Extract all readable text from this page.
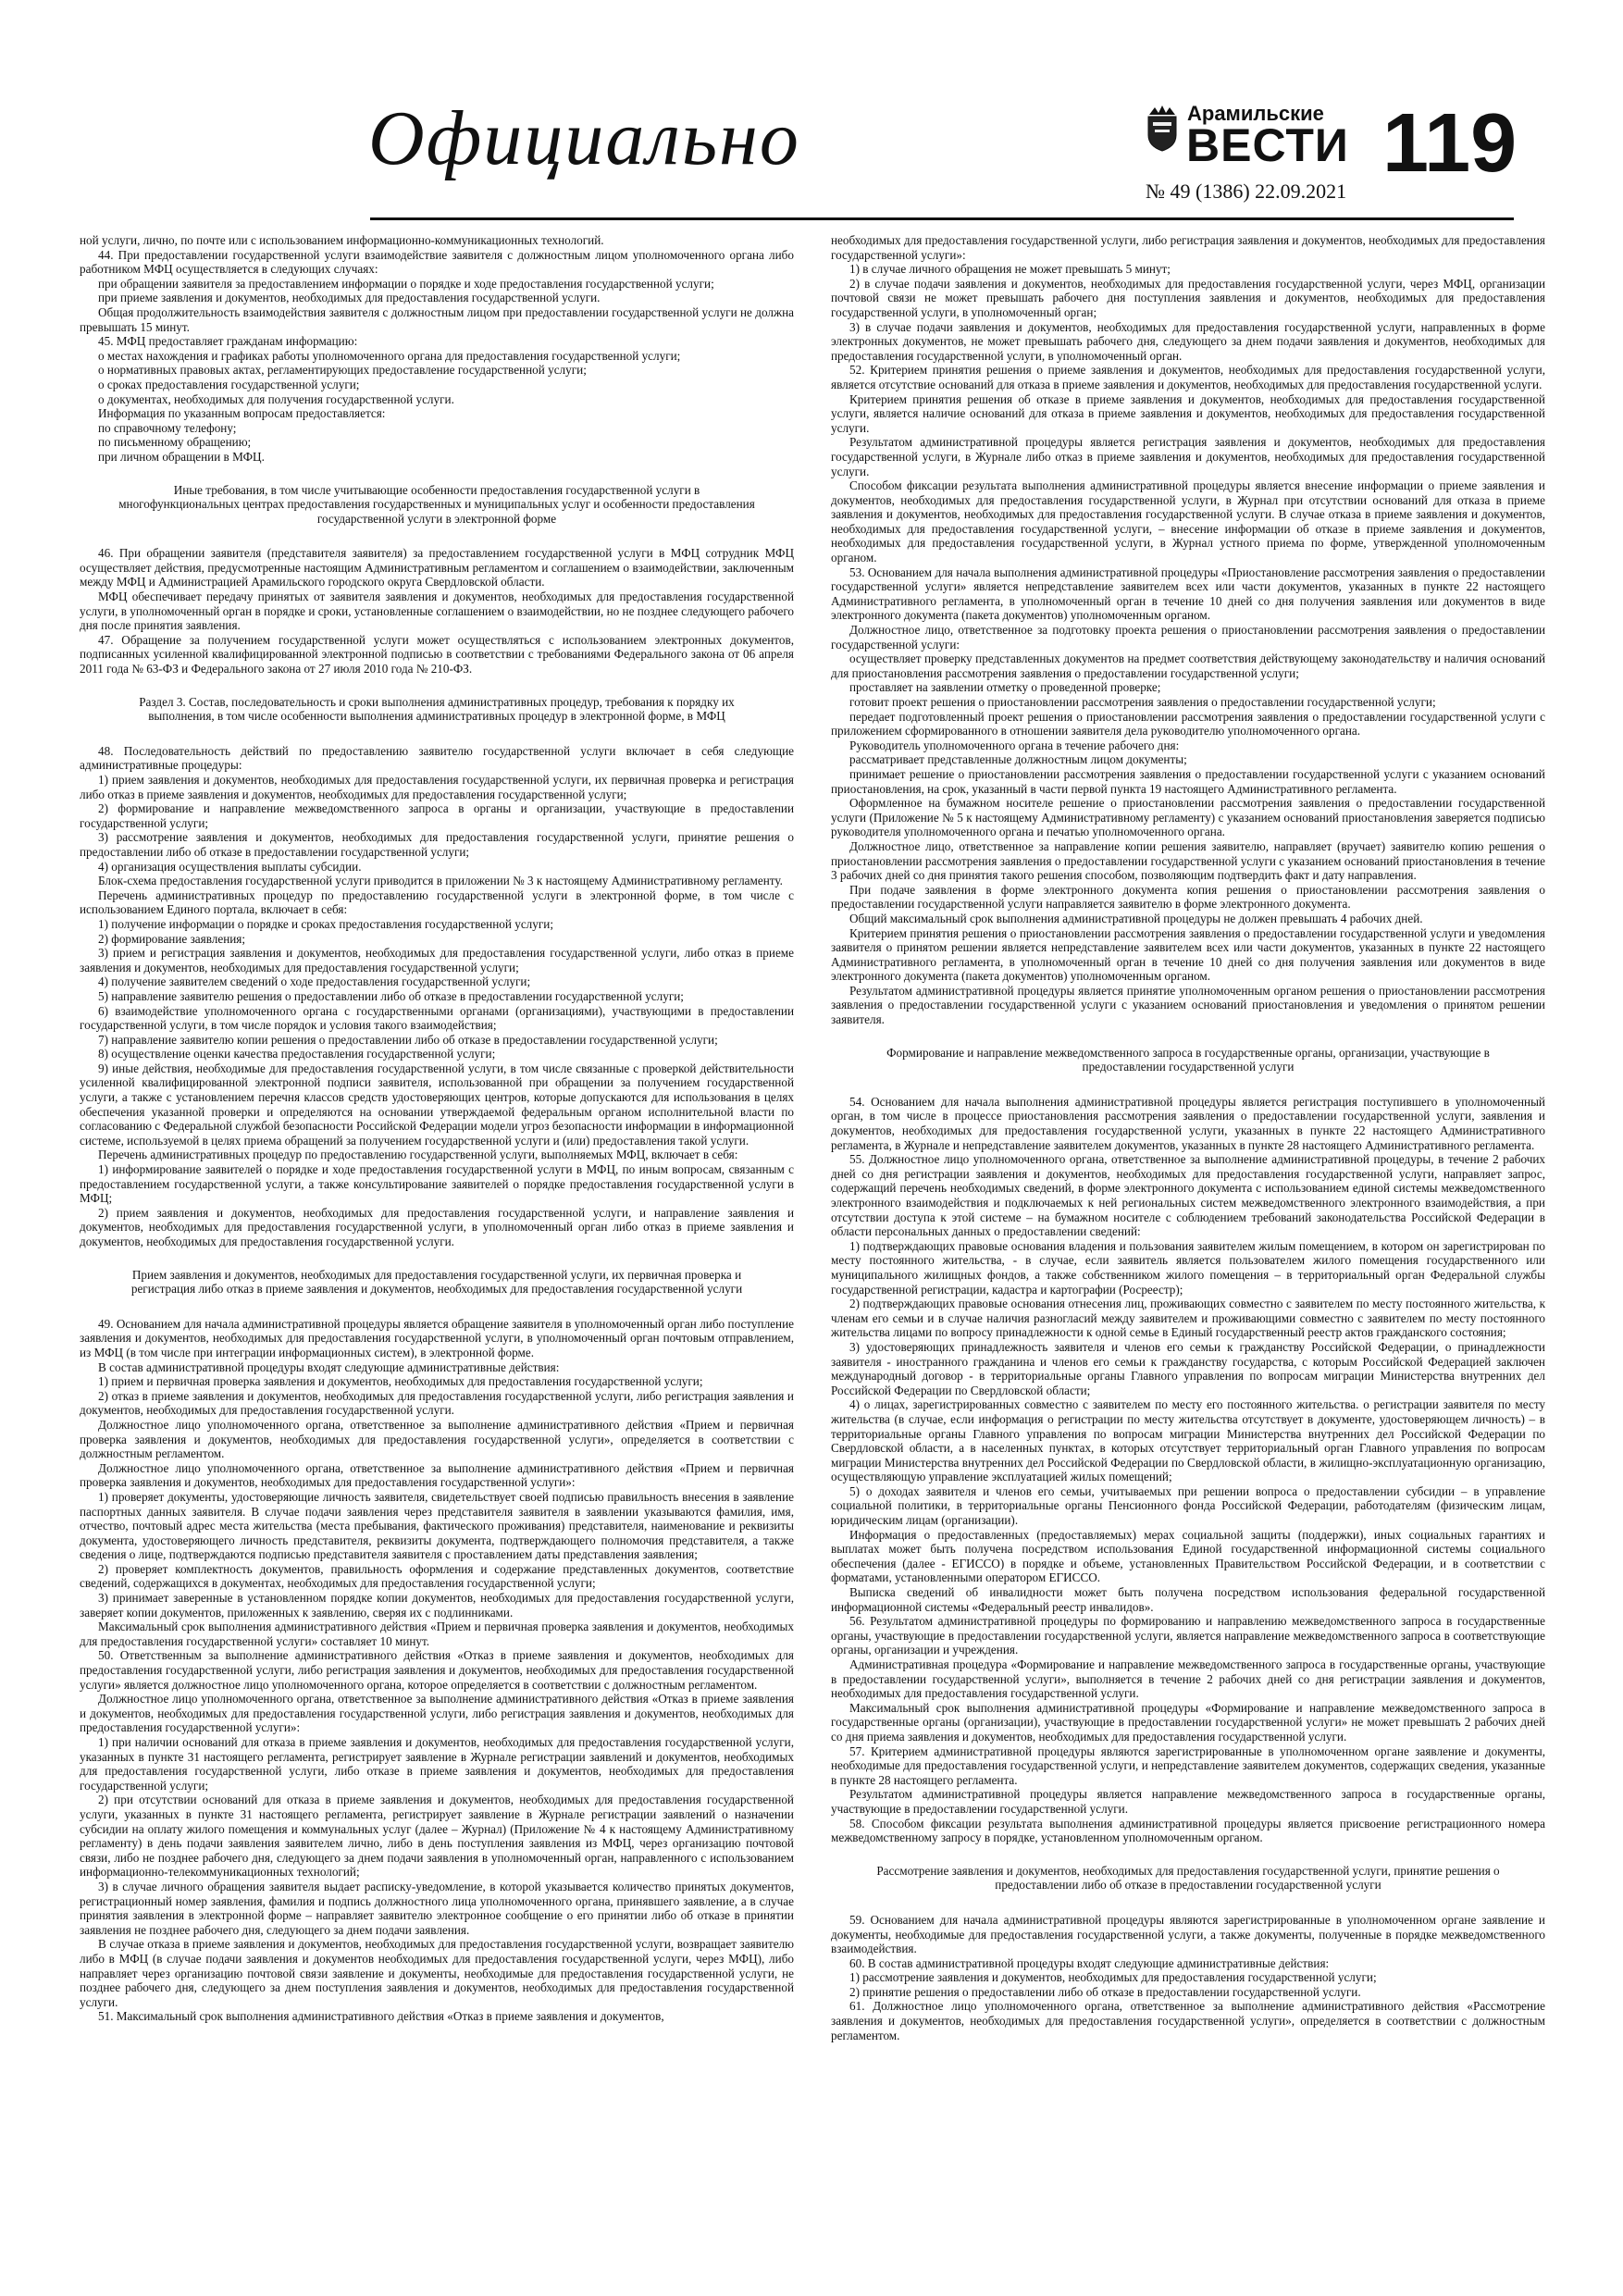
Официально	Арамильские
ВЕСТИ 119
№ 49 (1386) 22.09.2021

ной услуги, лично, по почте или с использованием информационно-коммуникационных технологий.

44. При предоставлении государственной услуги взаимодействие заявителя с должностным лицом уполномоченного органа либо работником МФЦ осуществляется в следующих случаях:

при обращении заявителя за предоставлением информации о порядке и ходе предоставления государственной услуги;

при приеме заявления и документов, необходимых для предоставления государственной услуги.

Общая продолжительность взаимодействия заявителя с должностным лицом при предоставлении государственной услуги не должна превышать 15 минут.

45. МФЦ предоставляет гражданам информацию:

о местах нахождения и графиках работы уполномоченного органа для предоставления государственной услуги;

о нормативных правовых актах, регламентирующих предоставление государственной услуги;

о сроках предоставления государственной услуги;

о документах, необходимых для получения государственной услуги.

Информация по указанным вопросам предоставляется:

по справочному телефону;

по письменному обращению;

при личном обращении в МФЦ.

Иные требования, в том числе учитывающие особенности предоставления государственной услуги в многофункциональных центрах предоставления государственных и муниципальных услуг и особенности предоставления государственной услуги в электронной форме

46. При обращении заявителя (представителя заявителя) за предоставлением государственной услуги в МФЦ сотрудник МФЦ осуществляет действия, предусмотренные настоящим Административным регламентом и соглашением о взаимодействии, заключенным между МФЦ и Администрацией Арамильского городского округа Свердловской области.

МФЦ обеспечивает передачу принятых от заявителя заявления и документов, необходимых для предоставления государственной услуги, в уполномоченный орган в порядке и сроки, установленные соглашением о взаимодействии, но не позднее следующего рабочего дня после принятия заявления.

47. Обращение за получением государственной услуги может осуществляться с использованием электронных документов, подписанных усиленной квалифицированной электронной подписью в соответствии с требованиями Федерального закона от 06 апреля 2011 года № 63-ФЗ и Федерального закона от 27 июля 2010 года № 210-ФЗ.

Раздел 3. Состав, последовательность и сроки выполнения административных процедур, требования к порядку их выполнения, в том числе особенности выполнения административных процедур в электронной форме, в МФЦ

48. Последовательность действий по предоставлению заявителю государственной услуги включает в себя следующие административные процедуры:

1) прием заявления и документов, необходимых для предоставления государственной услуги, их первичная проверка и регистрация либо отказ в приеме заявления и документов, необходимых для предоставления государственной услуги;

2) формирование и направление межведомственного запроса в органы и организации, участвующие в предоставлении государственной услуги;

3) рассмотрение заявления и документов, необходимых для предоставления государственной услуги, принятие решения о предоставлении либо об отказе в предоставлении государственной услуги;

4) организация осуществления выплаты субсидии.

Блок-схема предоставления государственной услуги приводится в приложении № 3 к настоящему Административному регламенту.

Перечень административных процедур по предоставлению государственной услуги в электронной форме, в том числе с использованием Единого портала, включает в себя:

1) получение информации о порядке и сроках предоставления государственной услуги;

2) формирование заявления;

3) прием и регистрация заявления и документов, необходимых для предоставления государственной услуги, либо отказ в приеме заявления и документов, необходимых для предоставления государственной услуги;

4) получение заявителем сведений о ходе предоставления государственной услуги;

5) направление заявителю решения о предоставлении либо об отказе в предоставлении государственной услуги;

6) взаимодействие уполномоченного органа с государственными органами (организациями), участвующими в предоставлении государственной услуги, в том числе порядок и условия такого взаимодействия;

7) направление заявителю копии решения о предоставлении либо об отказе в предоставлении государственной услуги;

8) осуществление оценки качества предоставления государственной услуги;

9) иные действия, необходимые для предоставления государственной услуги, в том числе связанные с проверкой действительности усиленной квалифицированной электронной подписи заявителя, использованной при обращении за получением государственной услуги, а также с установлением перечня классов средств удостоверяющих центров, которые допускаются для использования в целях обеспечения указанной проверки и определяются на основании утверждаемой федеральным органом исполнительной власти по согласованию с Федеральной службой безопасности Российской Федерации модели угроз безопасности информации в информационной системе, используемой в целях приема обращений за получением государственной услуги и (или) предоставления такой услуги.

Перечень административных процедур по предоставлению государственной услуги, выполняемых МФЦ, включает в себя:

1) информирование заявителей о порядке и ходе предоставления государственной услуги в МФЦ, по иным вопросам, связанным с предоставлением государственной услуги, а также консультирование заявителей о порядке предоставления государственной услуги в МФЦ;

2) прием заявления и документов, необходимых для предоставления государственной услуги, и направление заявления и документов, необходимых для предоставления государственной услуги, в уполномоченный орган либо отказ в приеме заявления и документов, необходимых для предоставления государственной услуги.

Прием заявления и документов, необходимых для предоставления государственной услуги, их первичная проверка и регистрация либо отказ в приеме заявления и документов, необходимых для предоставления государственной услуги

49. Основанием для начала административной процедуры является обращение заявителя в уполномоченный орган либо поступление заявления и документов, необходимых для предоставления государственной услуги, в уполномоченный орган почтовым отправлением, из МФЦ (в том числе при интеграции информационных систем), в электронной форме.

В состав административной процедуры входят следующие административные действия:

1) прием и первичная проверка заявления и документов, необходимых для предоставления государственной услуги;

2) отказ в приеме заявления и документов, необходимых для предоставления государственной услуги, либо регистрация заявления и документов, необходимых для предоставления государственной услуги.

Должностное лицо уполномоченного органа, ответственное за выполнение административного действия «Прием и первичная проверка заявления и документов, необходимых для предоставления государственной услуги», определяется в соответствии с должностным регламентом.

Должностное лицо уполномоченного органа, ответственное за выполнение административного действия «Прием и первичная проверка заявления и документов, необходимых для предоставления государственной услуги»:

1) проверяет документы, удостоверяющие личность заявителя, свидетельствует своей подписью правильность внесения в заявление паспортных данных заявителя. В случае подачи заявления через представителя заявителя в заявлении указываются фамилия, имя, отчество, почтовый адрес места жительства (места пребывания, фактического проживания) представителя, наименование и реквизиты документа, удостоверяющего личность представителя, реквизиты документа, подтверждающего полномочия представителя, а также сведения о лице, подтверждаются подписью представителя заявителя с проставлением даты представления заявления;

2) проверяет комплектность документов, правильность оформления и содержание представленных документов, соответствие сведений, содержащихся в документах, необходимых для предоставления государственной услуги;

3) принимает заверенные в установленном порядке копии документов, необходимых для предоставления государственной услуги, заверяет копии документов, приложенных к заявлению, сверяя их с подлинниками.

Максимальный срок выполнения административного действия «Прием и первичная проверка заявления и документов, необходимых для предоставления государственной услуги» составляет 10 минут.

50. Ответственным за выполнение административного действия «Отказ в приеме заявления и документов, необходимых для предоставления государственной услуги, либо регистрация заявления и документов, необходимых для предоставления государственной услуги» является должностное лицо уполномоченного органа, которое определяется в соответствии с должностным регламентом.

Должностное лицо уполномоченного органа, ответственное за выполнение административного действия «Отказ в приеме заявления и документов, необходимых для предоставления государственной услуги, либо регистрация заявления и документов, необходимых для предоставления государственной услуги»:

1) при наличии оснований для отказа в приеме заявления и документов, необходимых для предоставления государственной услуги, указанных в пункте 31 настоящего регламента, регистрирует заявление в Журнале регистрации заявлений и документов, необходимых для предоставления государственной услуги, либо отказе в приеме заявления и документов, необходимых для предоставления государственной услуги;

2) при отсутствии оснований для отказа в приеме заявления и документов, необходимых для предоставления государственной услуги, указанных в пункте 31 настоящего регламента, регистрирует заявление в Журнале регистрации заявлений о назначении субсидии на оплату жилого помещения и коммунальных услуг (далее – Журнал) (Приложение № 4 к настоящему Административному регламенту) в день подачи заявления заявителем лично, либо в день поступления заявления из МФЦ, через организацию почтовой связи, либо не позднее рабочего дня, следующего за днем подачи заявления в уполномоченный орган, направленного с использованием информационно-телекоммуникационных технологий;

3) в случае личного обращения заявителя выдает расписку-уведомление, в которой указывается количество принятых документов, регистрационный номер заявления, фамилия и подпись должностного лица уполномоченного органа, принявшего заявление, а в случае принятия заявления в электронной форме – направляет заявителю электронное сообщение о его принятии либо об отказе в принятии заявления не позднее рабочего дня, следующего за днем подачи заявления.

В случае отказа в приеме заявления и документов, необходимых для предоставления государственной услуги, возвращает заявителю либо в МФЦ (в случае подачи заявления и документов необходимых для предоставления государственной услуги, через МФЦ), либо направляет через организацию почтовой связи заявление и документы, необходимые для предоставления государственной услуги, не позднее рабочего дня, следующего за днем поступления заявления и документов, необходимых для предоставления государственной услуги.

51. Максимальный срок выполнения административного действия «Отказ в приеме заявления и документов,

необходимых для предоставления государственной услуги, либо регистрация заявления и документов, необходимых для предоставления государственной услуги»:

1) в случае личного обращения не может превышать 5 минут;

2) в случае подачи заявления и документов, необходимых для предоставления государственной услуги, через МФЦ, организации почтовой связи не может превышать рабочего дня поступления заявления и документов, необходимых для предоставления государственной услуги, в уполномоченный орган;

3) в случае подачи заявления и документов, необходимых для предоставления государственной услуги, направленных в форме электронных документов, не может превышать рабочего дня, следующего за днем подачи заявления и документов, необходимых для предоставления государственной услуги, в уполномоченный орган.

52. Критерием принятия решения о приеме заявления и документов, необходимых для предоставления государственной услуги, является отсутствие оснований для отказа в приеме заявления и документов, необходимых для предоставления государственной услуги.

Критерием принятия решения об отказе в приеме заявления и документов, необходимых для предоставления государственной услуги, является наличие оснований для отказа в приеме заявления и документов, необходимых для предоставления государственной услуги.

Результатом административной процедуры является регистрация заявления и документов, необходимых для предоставления государственной услуги, в Журнале либо отказ в приеме заявления и документов, необходимых для предоставления государственной услуги.

Способом фиксации результата выполнения административной процедуры является внесение информации о приеме заявления и документов, необходимых для предоставления государственной услуги, в Журнал при отсутствии оснований для отказа в приеме заявления и документов, необходимых для предоставления государственной услуги. В случае отказа в приеме заявления и документов, необходимых для предоставления государственной услуги, – внесение информации об отказе в приеме заявления и документов, необходимых для предоставления государственной услуги, в Журнал устного приема по форме, утвержденной уполномоченным органом.

53. Основанием для начала выполнения административной процедуры «Приостановление рассмотрения заявления о предоставлении государственной услуги» является непредставление заявителем всех или части документов, указанных в пункте 22 настоящего Административного регламента, в уполномоченный орган в течение 10 дней со дня получения заявления или документов в виде электронного документа (пакета документов) уполномоченным органом.

Должностное лицо, ответственное за подготовку проекта решения о приостановлении рассмотрения заявления о предоставлении государственной услуги:

осуществляет проверку представленных документов на предмет соответствия действующему законодательству и наличия оснований для приостановления рассмотрения заявления о предоставлении государственной услуги;

проставляет на заявлении отметку о проведенной проверке;

готовит проект решения о приостановлении рассмотрения заявления о предоставлении государственной услуги;

передает подготовленный проект решения о приостановлении рассмотрения заявления о предоставлении государственной услуги с приложением сформированного в отношении заявителя дела руководителю уполномоченного органа.

Руководитель уполномоченного органа в течение рабочего дня:

рассматривает представленные должностным лицом документы;

принимает решение о приостановлении рассмотрения заявления о предоставлении государственной услуги с указанием оснований приостановления, на срок, указанный в части первой пункта 19 настоящего Административного регламента.

Оформленное на бумажном носителе решение о приостановлении рассмотрения заявления о предоставлении государственной услуги (Приложение № 5 к настоящему Административному регламенту) с указанием оснований приостановления заверяется подписью руководителя уполномоченного органа и печатью уполномоченного органа.

Должностное лицо, ответственное за направление копии решения заявителю, направляет (вручает) заявителю копию решения о приостановлении рассмотрения заявления о предоставлении государственной услуги с указанием оснований приостановления в течение 3 рабочих дней со дня принятия такого решения способом, позволяющим подтвердить факт и дату направления.

При подаче заявления в форме электронного документа копия решения о приостановлении рассмотрения заявления о предоставлении государственной услуги направляется заявителю в форме электронного документа.

Общий максимальный срок выполнения административной процедуры не должен превышать 4 рабочих дней.

Критерием принятия решения о приостановлении рассмотрения заявления о предоставлении государственной услуги и уведомления заявителя о принятом решении является непредставление заявителем всех или части документов, указанных в пункте 22 настоящего Административного регламента, в уполномоченный орган в течение 10 дней со дня получения заявления или документов в виде электронного документа (пакета документов) уполномоченным органом.

Результатом административной процедуры является принятие уполномоченным органом решения о приостановлении рассмотрения заявления о предоставлении государственной услуги с указанием оснований приостановления и уведомления о принятом решении заявителя.

Формирование и направление межведомственного запроса в государственные органы, организации, участвующие в предоставлении государственной услуги

54. Основанием для начала выполнения административной процедуры является регистрация поступившего в уполномоченный орган, в том числе в процессе приостановления рассмотрения заявления о предоставлении государственной услуги, заявления и документов, необходимых для предоставления государственной услуги, указанных в пункте 22 настоящего Административного регламента, в Журнале и непредставление заявителем документов, указанных в пункте 28 настоящего Административного регламента.

55. Должностное лицо уполномоченного органа, ответственное за выполнение административной процедуры, в течение 2 рабочих дней со дня регистрации заявления и документов, необходимых для предоставления государственной услуги, направляет запрос, содержащий перечень необходимых сведений, в форме электронного документа с использованием единой системы межведомственного электронного взаимодействия и подключаемых к ней региональных систем межведомственного электронного взаимодействия, а при отсутствии доступа к этой системе – на бумажном носителе с соблюдением требований законодательства Российской Федерации в области персональных данных о предоставлении сведений:

1) подтверждающих правовые основания владения и пользования заявителем жилым помещением, в котором он зарегистрирован по месту постоянного жительства, - в случае, если заявитель является пользователем жилого помещения государственного или муниципального жилищных фондов, а также собственником жилого помещения – в территориальный орган Федеральной службы государственной регистрации, кадастра и картографии (Росреестр);

2) подтверждающих правовые основания отнесения лиц, проживающих совместно с заявителем по месту постоянного жительства, к членам его семьи и в случае наличия разногласий между заявителем и проживающими совместно с заявителем по месту постоянного жительства лицами по вопросу принадлежности к одной семье в Единый государственный реестр актов гражданского состояния;

3) удостоверяющих принадлежность заявителя и членов его семьи к гражданству Российской Федерации, о принадлежности заявителя - иностранного гражданина и членов его семьи к гражданству государства, с которым Российской Федерацией заключен международный договор - в территориальные органы Главного управления по вопросам миграции Министерства внутренних дел Российской Федерации по Свердловской области;

4) о лицах, зарегистрированных совместно с заявителем по месту его постоянного жительства. о регистрации заявителя по месту жительства (в случае, если информация о регистрации по месту жительства отсутствует в документе, удостоверяющем личность) – в территориальные органы Главного управления по вопросам миграции Министерства внутренних дел Российской Федерации по Свердловской области, а в населенных пунктах, в которых отсутствует территориальный орган Главного управления по вопросам миграции Министерства внутренних дел Российской Федерации по Свердловской области, в жилищно-эксплуатационную организацию, осуществляющую управление эксплуатацией жилых помещений;

5) о доходах заявителя и членов его семьи, учитываемых при решении вопроса о предоставлении субсидии – в управление социальной политики, в территориальные органы Пенсионного фонда Российской Федерации, работодателям (физическим лицам, юридическим лицам (организации).

Информация о предоставленных (предоставляемых) мерах социальной защиты (поддержки), иных социальных гарантиях и выплатах может быть получена посредством использования Единой государственной информационной системы социального обеспечения (далее - ЕГИССО) в порядке и объеме, установленных Правительством Российской Федерации, и в соответствии с форматами, установленными оператором ЕГИССО.

Выписка сведений об инвалидности может быть получена посредством использования федеральной государственной информационной системы «Федеральный реестр инвалидов».

56. Результатом административной процедуры по формированию и направлению межведомственного запроса в государственные органы, участвующие в предоставлении государственной услуги, является направление межведомственного запроса в соответствующие органы, организации и учреждения.

Административная процедура «Формирование и направление межведомственного запроса в государственные органы, участвующие в предоставлении государственной услуги», выполняется в течение 2 рабочих дней со дня регистрации заявления и документов, необходимых для предоставления государственной услуги.

Максимальный срок выполнения административной процедуры «Формирование и направление межведомственного запроса в государственные органы (организации), участвующие в предоставлении государственной услуги» не может превышать 2 рабочих дней со дня приема заявления и документов, необходимых для предоставления государственной услуги.

57. Критерием административной процедуры являются зарегистрированные в уполномоченном органе заявление и документы, необходимые для предоставления государственной услуги, и непредставление заявителем документов, содержащих сведения, указанные в пункте 28 настоящего регламента.

Результатом административной процедуры является направление межведомственного запроса в государственные органы, участвующие в предоставлении государственной услуги.

58. Способом фиксации результата выполнения административной процедуры является присвоение регистрационного номера межведомственному запросу в порядке, установленном уполномоченным органом.

Рассмотрение заявления и документов, необходимых для предоставления государственной услуги, принятие решения о предоставлении либо об отказе в предоставлении государственной услуги

59. Основанием для начала административной процедуры являются зарегистрированные в уполномоченном органе заявление и документы, необходимые для предоставления государственной услуги, а также документы, полученные в порядке межведомственного взаимодействия.

60. В состав административной процедуры входят следующие административные действия:

1) рассмотрение заявления и документов, необходимых для предоставления государственной услуги;

2) принятие решения о предоставлении либо об отказе в предоставлении государственной услуги.

61. Должностное лицо уполномоченного органа, ответственное за выполнение административного действия «Рассмотрение заявления и документов, необходимых для предоставления государственной услуги», определяется в соответствии с должностным регламентом.
